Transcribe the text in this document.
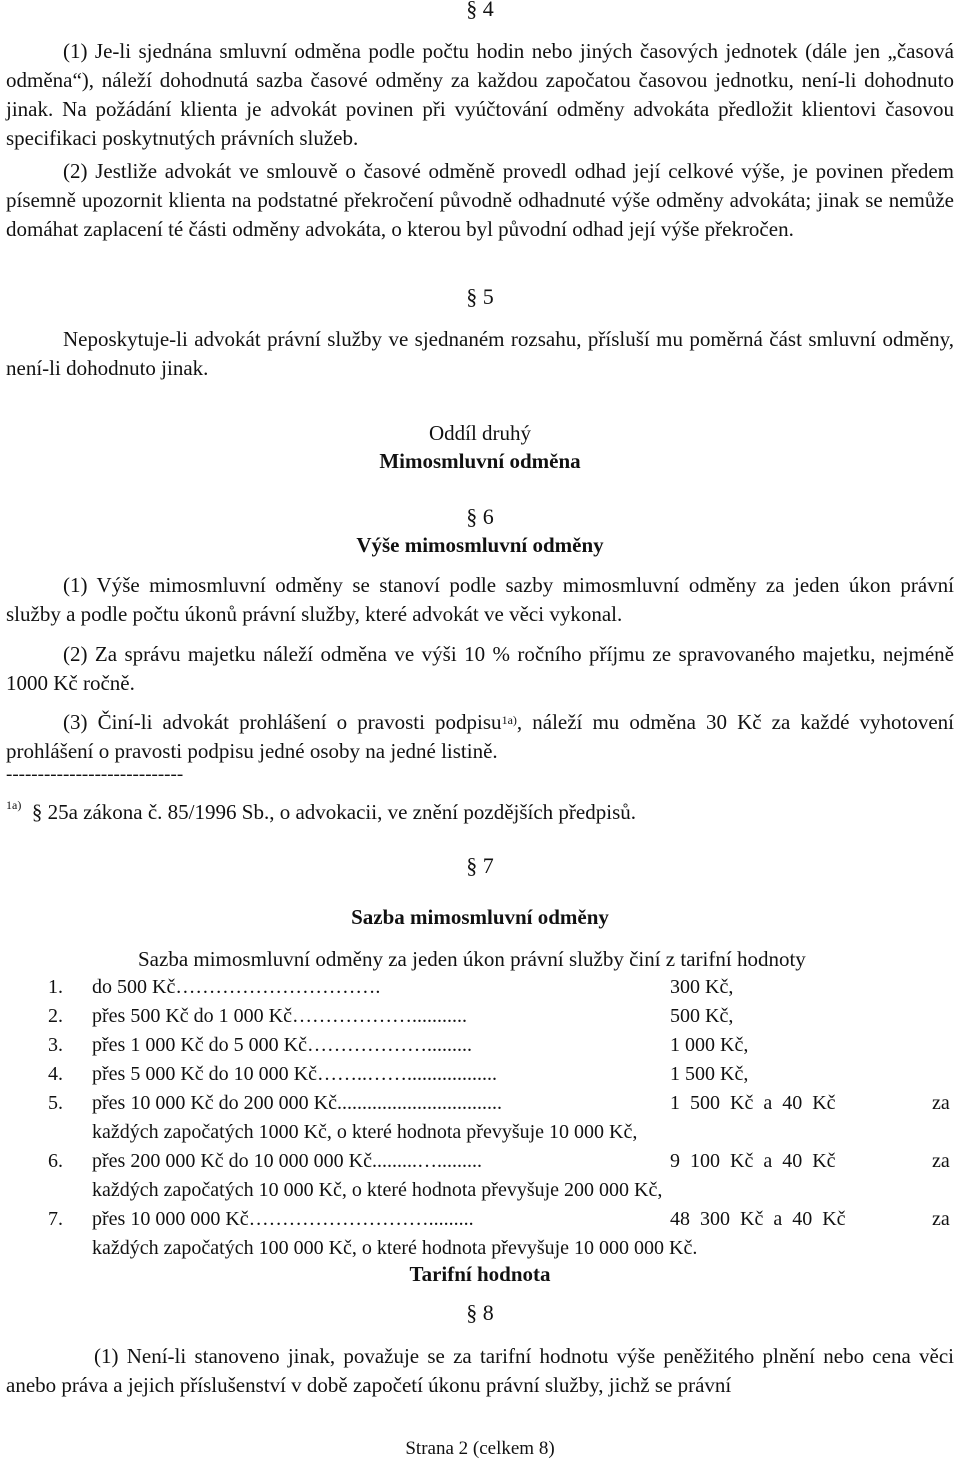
§ 4

(1) Je-li sjednána smluvní odměna podle počtu hodin nebo jiných časových jednotek (dále jen „časová odměna“), náleží dohodnutá sazba časové odměny za každou započatou časovou jednotku, není-li dohodnuto jinak. Na požádání klienta je advokát povinen při vyúčtování odměny advokáta předložit klientovi časovou specifikaci poskytnutých právních služeb.

(2) Jestliže advokát ve smlouvě o časové odměně provedl odhad její celkové výše, je povinen předem písemně upozornit klienta na podstatné překročení původně odhadnuté výše odměny advokáta; jinak se nemůže domáhat zaplacení té části odměny advokáta, o kterou byl původní odhad její výše překročen.

§ 5

Neposkytuje-li advokát právní služby ve sjednaném rozsahu, přísluší mu poměrná část smluvní odměny, není-li dohodnuto jinak.

Oddíl druhý
Mimosmluvní odměna
§ 6
Výše mimosmluvní odměny

(1) Výše mimosmluvní odměny se stanoví podle sazby mimosmluvní odměny za jeden úkon právní služby a podle počtu úkonů právní služby, které advokát ve věci vykonal.

(2) Za správu majetku náleží odměna ve výši 10 % ročního příjmu ze spravovaného majetku, nejméně 1000 Kč ročně.

(3) Činí-li advokát prohlášení o pravosti podpisu$^{1a)}$, náleží mu odměna 30 Kč za každé vyhotovení prohlášení o pravosti podpisu jedné osoby na jedné listině.

----------------------------
$^{1a)}$ § 25a zákona č. 85/1996 Sb., o advokacii, ve znění pozdějších předpisů.
§ 7
Sazba mimosmluvní odměny

Sazba mimosmluvní odměny za jeden úkon právní služby činí z tarifní hodnoty

1. do 500 Kč………………………….	300 Kč,
2. přes 500 Kč do 1 000 Kč………………...........	500 Kč,
3. přes 1 000 Kč do 5 000 Kč……………….........	1 000 Kč,
4. přes 5 000 Kč do 10 000 Kč……..……..................	1 500 Kč,
5. přes 10 000 Kč do 200 000 Kč.................................	1  500  Kč  a  40  Kč	za
každých započatých 1000 Kč, o které hodnota převyšuje 10 000 Kč,
6. přes 200 000 Kč do 10 000 000 Kč.........….........	9  100  Kč  a  40  Kč	za
každých započatých 10 000 Kč, o které hodnota převyšuje 200 000 Kč,
7. přes 10 000 000 Kč……………………….........	48  300  Kč  a  40  Kč	za
každých započatých 100 000 Kč, o které hodnota převyšuje 10 000 000 Kč.
Tarifní hodnota
§ 8

(1) Není-li stanoveno jinak, považuje se za tarifní hodnotu výše peněžitého plnění nebo cena věci anebo práva a jejich příslušenství v době započetí úkonu právní služby, jichž se právní

Strana 2 (celkem 8)
